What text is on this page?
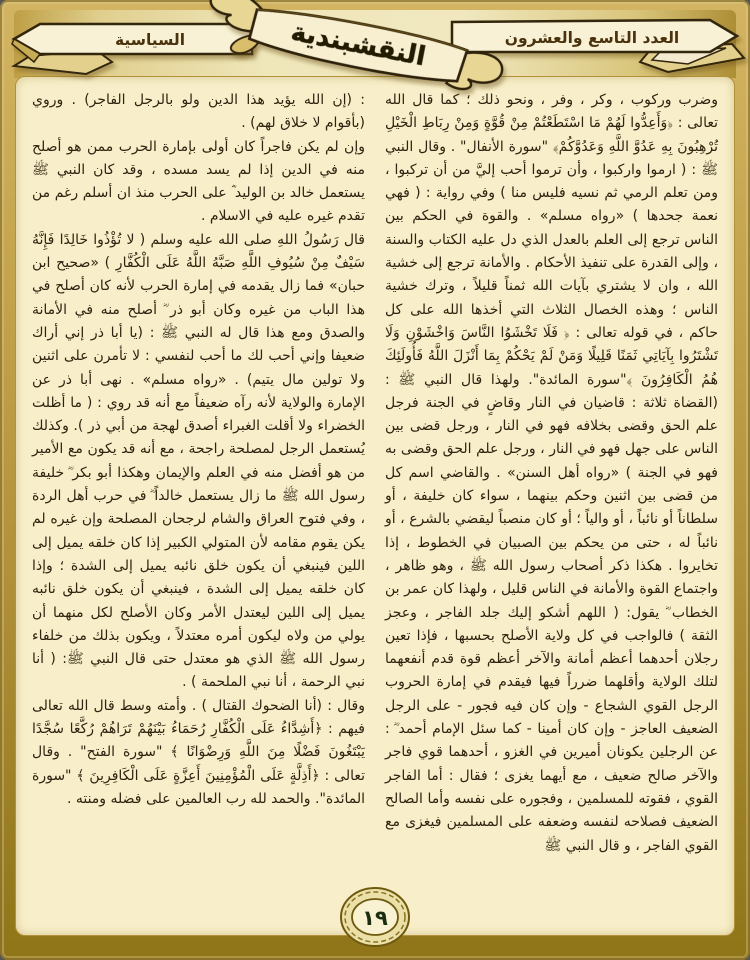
وضرب وركوب ، وكر ، وفر ، ونحو ذلك ؛ كما قال الله تعالى : ﴿وَأَعِدُّوا لَهُمْ مَا اسْتَطَعْتُمْ مِنْ قُوَّةٍ وَمِنْ رِبَاطِ الْخَيْلِ تُرْهِبُونَ بِهِ عَدُوَّ اللَّهِ وَعَدُوَّكُمْ﴾ "سورة الأنفال" . وقال النبي ﷺ : ( ارموا واركبوا ، وأن ترموا أحب إليَّ من أن تركبوا ، ومن تعلم الرمي ثم نسيه فليس منا ) وفي رواية : ( فهي نعمة جحدها ) «رواه مسلم» . والقوة في الحكم بين الناس ترجع إلى العلم بالعدل الذي دل عليه الكتاب والسنة ، وإلى القدرة على تنفيذ الأحكام . والأمانة ترجع إلى خشية الله ، وان لا يشتري بآيات الله ثمناً قليلاً ، وترك خشية الناس ؛ وهذه الخصال الثلاث التي أخذها الله على كل حاكم ، في قوله تعالى : ﴿ فَلَا تَخْشَوُا النَّاسَ وَاخْشَوْنِ وَلَا تَشْتَرُوا بِآيَاتِي ثَمَنًا قَلِيلًا وَمَنْ لَمْ يَحْكُمْ بِمَا أَنْزَلَ اللَّهُ فَأُولَئِكَ هُمُ الْكَافِرُونَ ﴾"سورة المائدة". ولهذا قال النبي ﷺ : (القضاة ثلاثة : قاضيان في النار وقاضٍ في الجنة فرجل علم الحق وقضى بخلافه فهو في النار ، ورجل قضى بين الناس على جهل فهو في النار ، ورجل علم الحق وقضى به فهو في الجنة ) «رواه أهل السنن» . والقاضي اسم كل من قضى بين اثنين وحكم بينهما ، سواء كان خليفة ، أو سلطاناً أو نائباً ، أو والياً ؛ أو كان منصباً ليقضي بالشرع ، أو نائباً له ، حتى من يحكم بين الصبيان في الخطوط ، إذا تخايروا . هكذا ذكر أصحاب رسول الله ﷺ ، وهو ظاهر ، واجتماع القوة والأمانة في الناس قليل ، ولهذا كان عمر بن الخطاب ؓ يقول: ( اللهم أشكو إليك جلد الفاجر ، وعجز الثقة ) فالواجب في كل ولاية الأصلح بحسبها ، فإذا تعين رجلان أحدهما أعظم أمانة والآخر أعظم قوة قدم أنفعهما لتلك الولاية وأقلهما ضرراً فيها فيقدم في إمارة الحروب الرجل القوي الشجاع - وإن كان فيه فجور - على الرجل الضعيف العاجز - وإن كان أمينا - كما سئل الإمام أحمد ؓ : عن الرجلين يكونان أميرين في الغزو ، أحدهما قوي فاجر والآخر صالح ضعيف ، مع أيهما يغزى ؛ فقال : أما الفاجر القوي ، فقوته للمسلمين ، وفجوره على نفسه وأما الصالح الضعيف فصلاحه لنفسه وضعفه على المسلمين فيغزى مع القوي الفاجر ، و قال النبي ﷺ

: (إن الله يؤيد هذا الدين ولو بالرجل الفاجر) . وروي (بأقوام لا خلاق لهم) .

وإن لم يكن فاجراً كان أولى بإمارة الحرب ممن هو أصلح منه في الدين إذا لم يسد مسده ، وقد كان النبي ﷺ يستعمل خالد بن الوليد ؓ على الحرب منذ ان أسلم رغم من تقدم غيره عليه في الاسلام .

قال رَسُولُ اللهِ صلى الله عليه وسلم ( لا تُؤْذُوا خَالِدًا فَإِنَّهُ سَيْفٌ مِنْ سُيُوفِ اللَّهِ صَبَّهُ اللَّهُ عَلَى الْكُفَّارِ ) «صحيح ابن حبان» فما زال يقدمه في إمارة الحرب لأنه كان أصلح في هذا الباب من غيره وكان أبو ذر ؓ أصلح منه في الأمانة والصدق ومع هذا قال له النبي ﷺ : (يا أبا ذر إني أراك ضعيفا وإني أحب لك ما أحب لنفسي : لا تأمرن على اثنين ولا تولين مال يتيم) . «رواه مسلم» . نهى أبا ذر عن الإمارة والولاية لأنه رآه ضعيفاً مع أنه قد روي : ( ما أظلت الخضراء ولا أقلت الغبراء أصدق لهجة من أبي ذر ). وكذلك يُستعمل الرجل لمصلحة راجحة ، مع أنه قد يكون مع الأمير من هو أفضل منه في العلم والإيمان وهكذا أبو بكر ؓ خليفة رسول الله ﷺ ما زال يستعمل خالداً ؓ في حرب أهل الردة ، وفي فتوح العراق والشام لرجحان المصلحة وإن غيره لم يكن يقوم مقامه لأن المتولي الكبير إذا كان خلقه يميل إلى اللين فينبغي أن يكون خلق نائبه يميل إلى الشدة ؛ وإذا كان خلقه يميل إلى الشدة ، فينبغي أن يكون خلق نائبه يميل إلى اللين ليعتدل الأمر وكان الأصلح لكل منهما أن يولي من ولاه ليكون أمره معتدلاً ، ويكون بذلك من خلفاء رسول الله ﷺ الذي هو معتدل حتى قال النبي ﷺ: ( أنا نبي الرحمة ، أنا نبي الملحمة ) .

وقال : (أنا الضحوك القتال ) . وأمته وسط قال الله تعالى فيهم : ﴿أَشِدَّاءُ عَلَى الْكُفَّارِ رُحَمَاءُ بَيْنَهُمْ تَرَاهُمْ رُكَّعًا سُجَّدًا يَبْتَغُونَ فَضْلًا مِنَ اللَّهِ وَرِضْوَانًا ﴾ "سورة الفتح" . وقال تعالى : ﴿أَذِلَّةٍ عَلَى الْمُؤْمِنِينَ أَعِزَّةٍ عَلَى الْكَافِرِينَ ﴾ "سورة المائدة". والحمد لله رب العالمين على فضله ومنته .

العدد التاسع والعشرون
السياسية	النقشبندية
١٩
